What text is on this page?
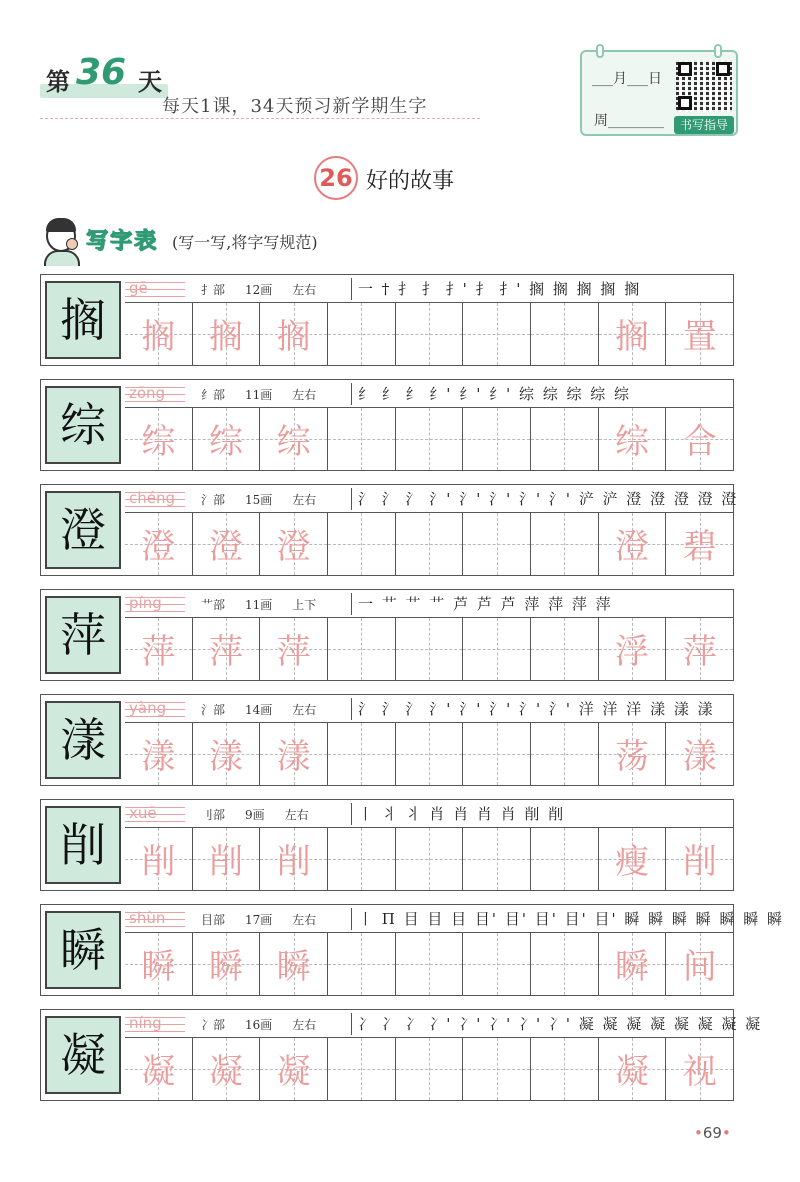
第 36 天
每天1课，34天预习新学期生字
___月___日
周________	书写指导
26 好的故事
写字表 (写一写,将字写规范)
搁
gē	扌部 12画 左右	一 † 扌 扌 扌' 扌 扌' 搁 搁 搁 搁 搁
搁 搁 搁	搁 置
综
zōng	纟部 11画 左右	纟 纟 纟 纟' 纟' 纟' 综 综 综 综 综
综 综 综	综 合
澄
chéng 氵部 15画 左右	氵 氵 氵 氵' 氵' 氵' 氵' 氵' 浐 浐 澄 澄 澄 澄 澄
澄 澄 澄	澄 碧
萍
píng	艹部 11画 上下	一 艹 艹 艹 芦 芦 芦 萍 萍 萍 萍
萍 萍 萍	浮 萍
漾
yàng	氵部 14画 左右	氵 氵 氵 氵' 氵' 氵' 氵' 氵' 洋 洋 洋 漾 漾 漾
漾 漾 漾	荡 漾
削
xuē	刂部 9画 左右	丨 丬 丬 肖 肖 肖 肖 削 削
削 削 削	瘦 削
瞬
shùn	目部 17画 左右	丨 Π 目 目 目 目' 目' 目' 目' 目' 瞬 瞬 瞬 瞬 瞬 瞬 瞬
瞬 瞬 瞬	瞬 间
凝
níng	冫部 16画 左右	冫 冫 冫 冫' 冫' 冫' 冫' 冫' 凝 凝 凝 凝 凝 凝 凝 凝
凝 凝 凝	凝 视
• 69 •
